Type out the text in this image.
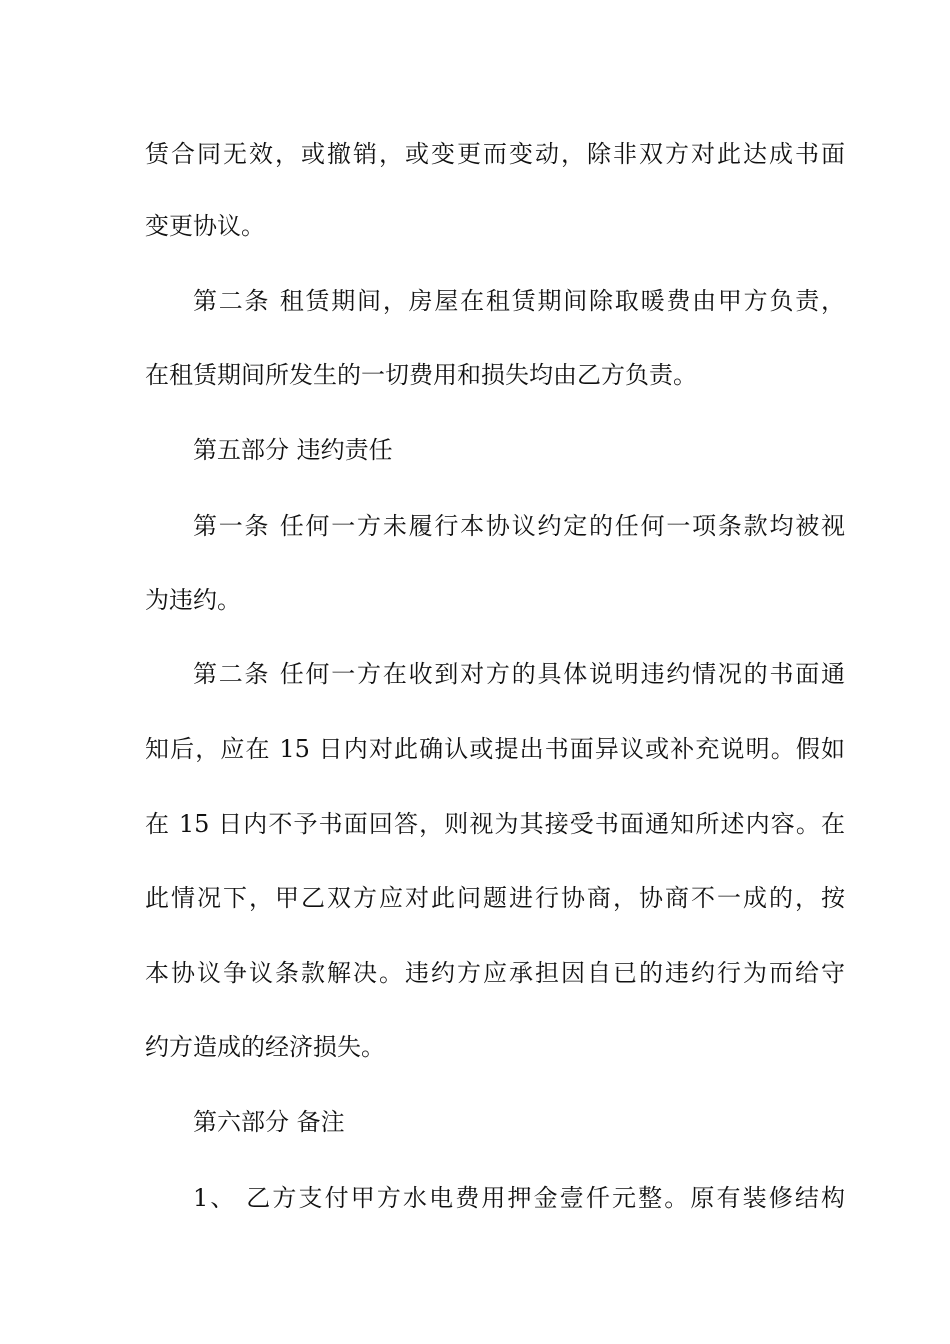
赁合同无效，或撤销，或变更而变动，除非双方对此达成书面
变更协议。
第二条 租赁期间，房屋在租赁期间除取暖费由甲方负责，
在租赁期间所发生的一切费用和损失均由乙方负责。
第五部分 违约责任
第一条 任何一方未履行本协议约定的任何一项条款均被视
为违约。
第二条 任何一方在收到对方的具体说明违约情况的书面通
知后，应在 15 日内对此确认或提出书面异议或补充说明。假如
在 15 日内不予书面回答，则视为其接受书面通知所述内容。在
此情况下，甲乙双方应对此问题进行协商，协商不一成的，按
本协议争议条款解决。违约方应承担因自已的违约行为而给守
约方造成的经济损失。
第六部分 备注
1、 乙方支付甲方水电费用押金壹仟元整。原有装修结构
